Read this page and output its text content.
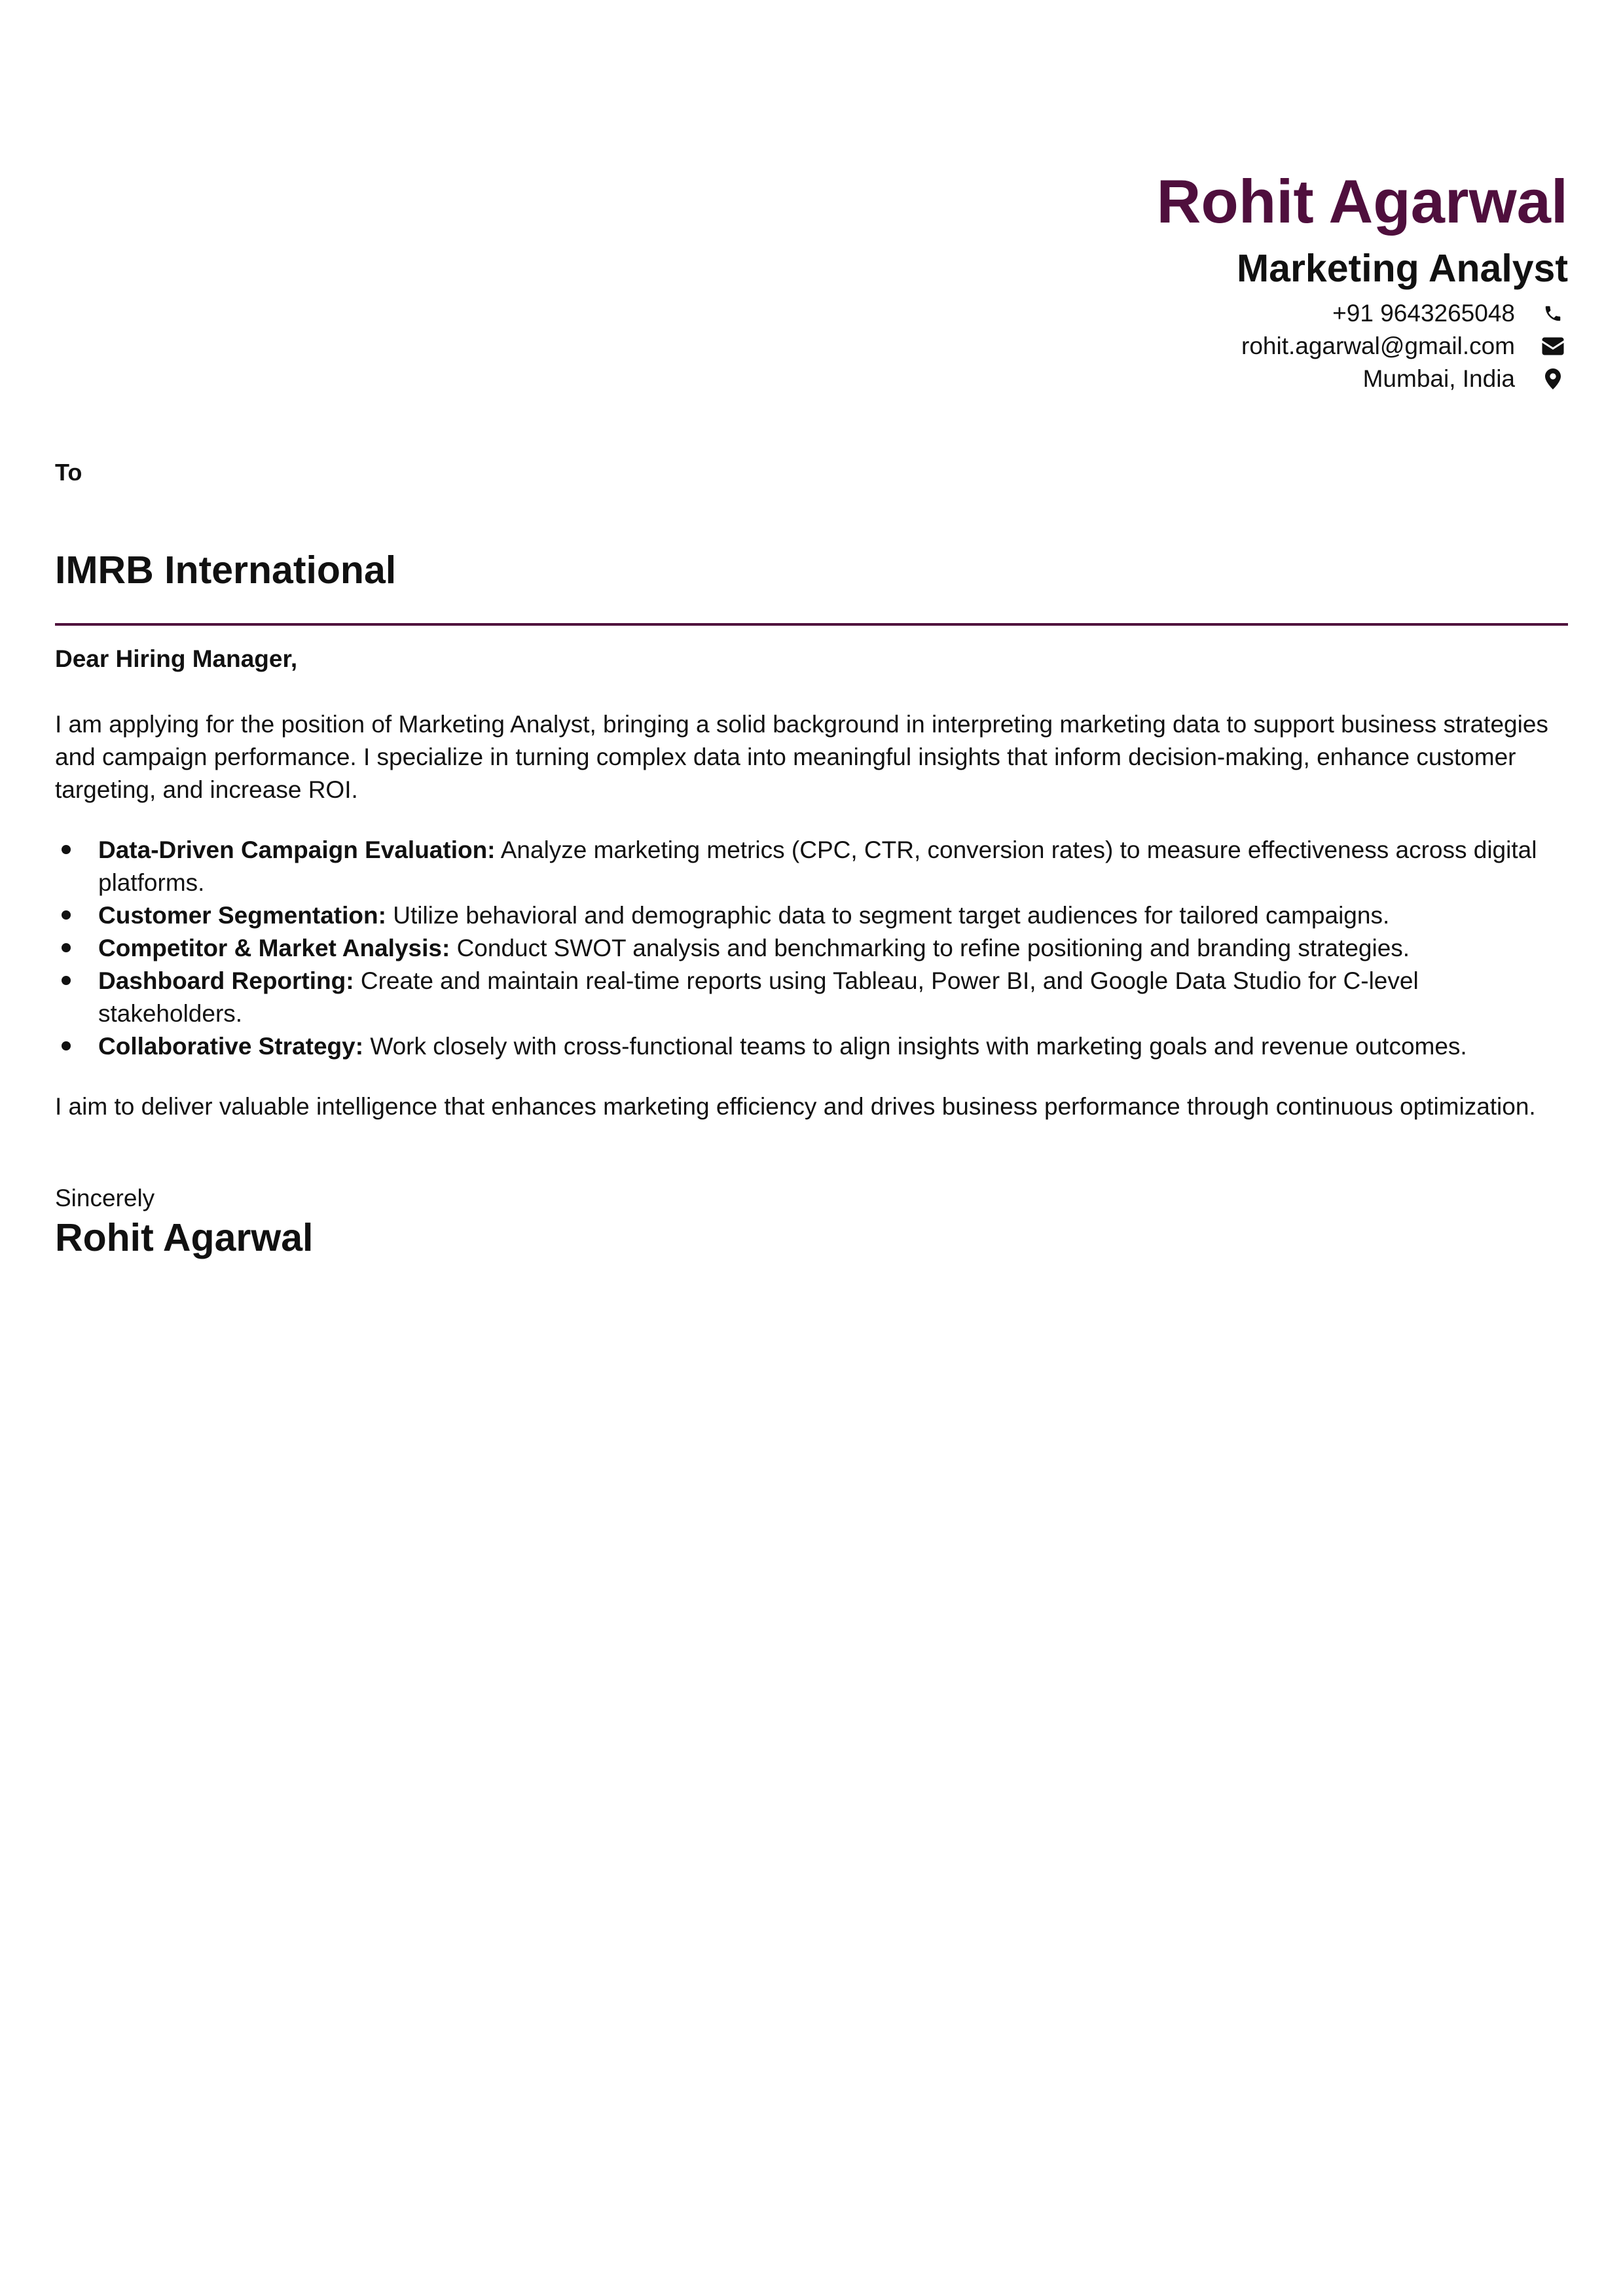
Rohit Agarwal
Marketing Analyst
+91 9643265048
rohit.agarwal@gmail.com
Mumbai, India
To
IMRB International

Dear Hiring Manager,

I am applying for the position of Marketing Analyst, bringing a solid background in interpreting marketing data to support business strategies and campaign performance. I specialize in turning complex data into meaningful insights that inform decision-making, enhance customer targeting, and increase ROI.

Data-Driven Campaign Evaluation: Analyze marketing metrics (CPC, CTR, conversion rates) to measure effectiveness across digital platforms.
Customer Segmentation: Utilize behavioral and demographic data to segment target audiences for tailored campaigns.
Competitor & Market Analysis: Conduct SWOT analysis and benchmarking to refine positioning and branding strategies.
Dashboard Reporting: Create and maintain real-time reports using Tableau, Power BI, and Google Data Studio for C-level stakeholders.
Collaborative Strategy: Work closely with cross-functional teams to align insights with marketing goals and revenue outcomes.

I aim to deliver valuable intelligence that enhances marketing efficiency and drives business performance through continuous optimization.

Sincerely
Rohit Agarwal
